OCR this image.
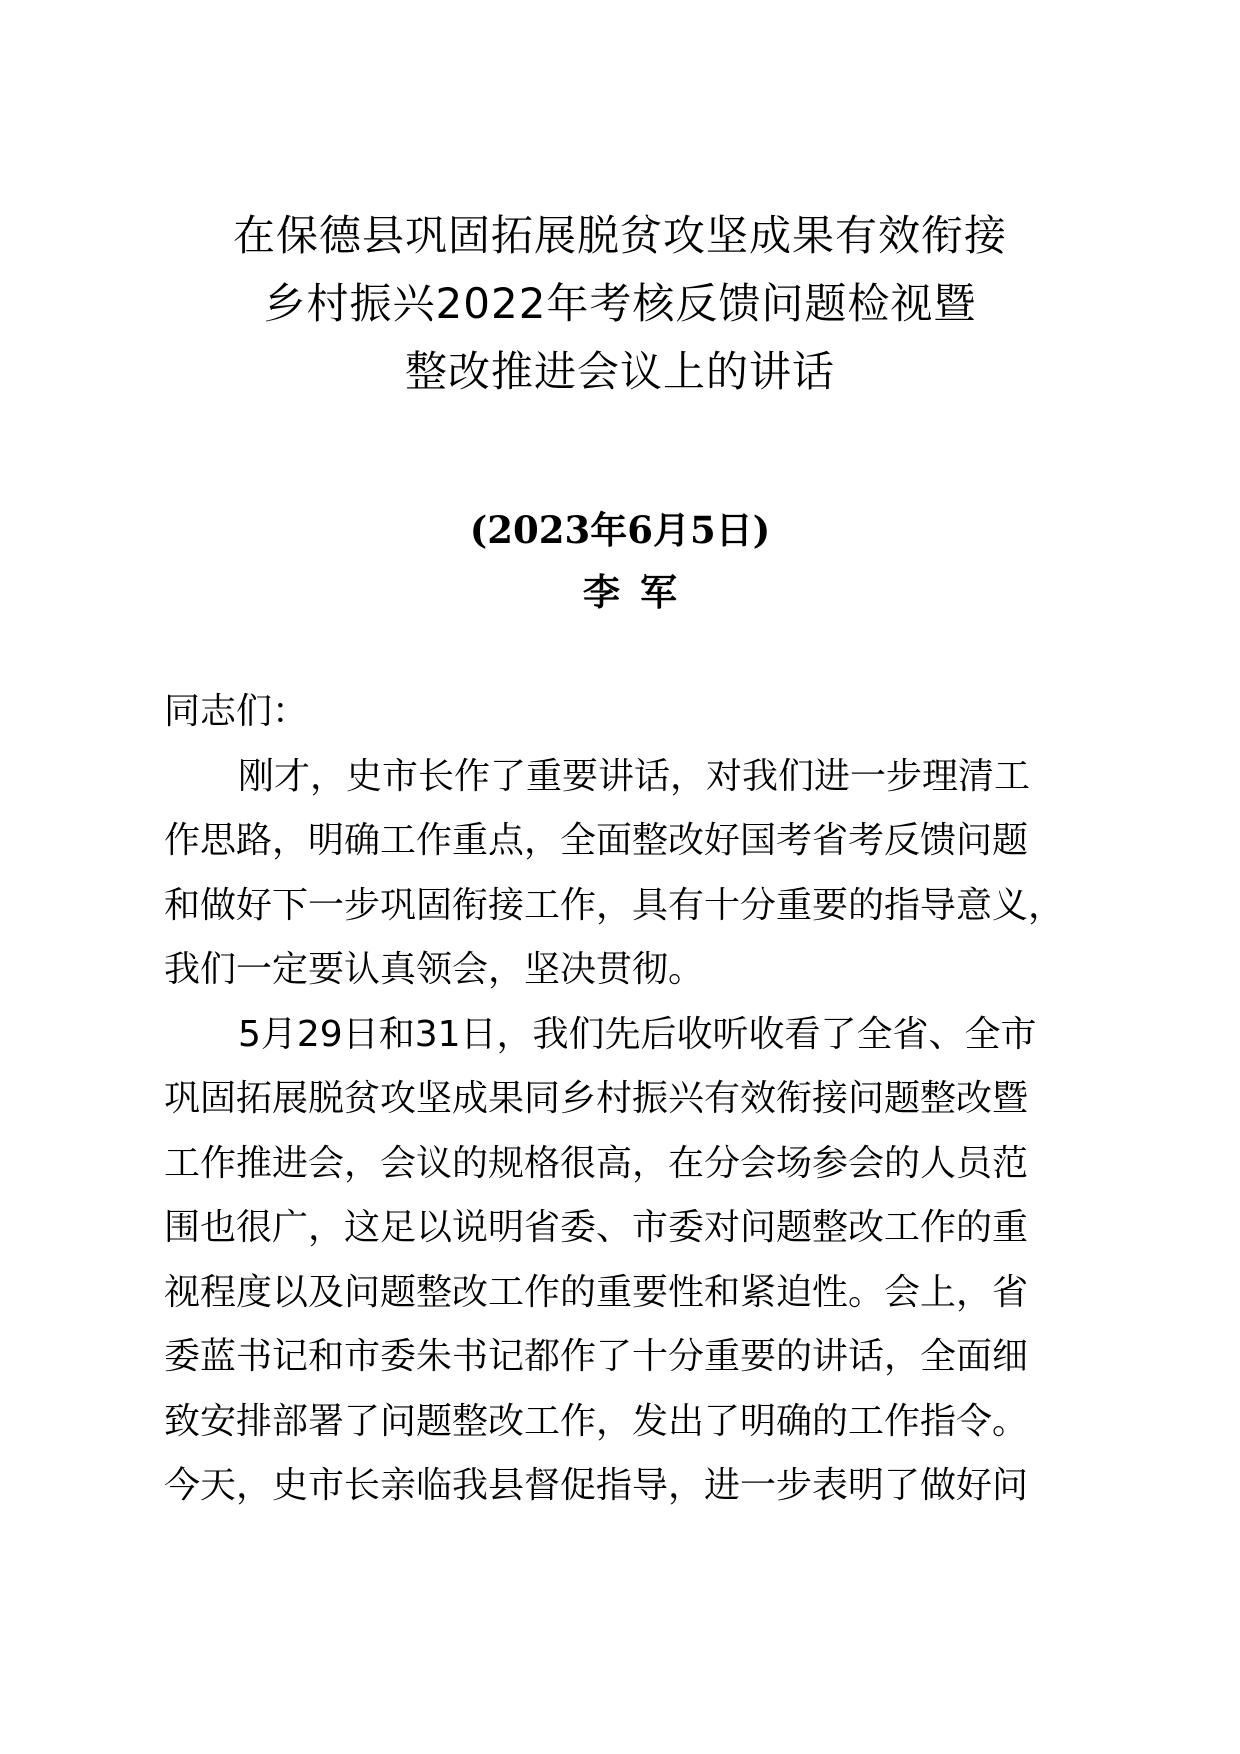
在保德县巩固拓展脱贫攻坚成果有效衔接
乡村振兴2022年考核反馈问题检视暨
整改推进会议上的讲话
(2023年6月5日)
李军
同志们：
刚才，史市长作了重要讲话，对我们进一步理清工
作思路，明确工作重点，全面整改好国考省考反馈问题
和做好下一步巩固衔接工作，具有十分重要的指导意义，
我们一定要认真领会，坚决贯彻。
5月29日和31日，我们先后收听收看了全省、全市
巩固拓展脱贫攻坚成果同乡村振兴有效衔接问题整改暨
工作推进会，会议的规格很高，在分会场参会的人员范
围也很广，这足以说明省委、市委对问题整改工作的重
视程度以及问题整改工作的重要性和紧迫性。会上，省
委蓝书记和市委朱书记都作了十分重要的讲话，全面细
致安排部署了问题整改工作，发出了明确的工作指令。
今天，史市长亲临我县督促指导，进一步表明了做好问
